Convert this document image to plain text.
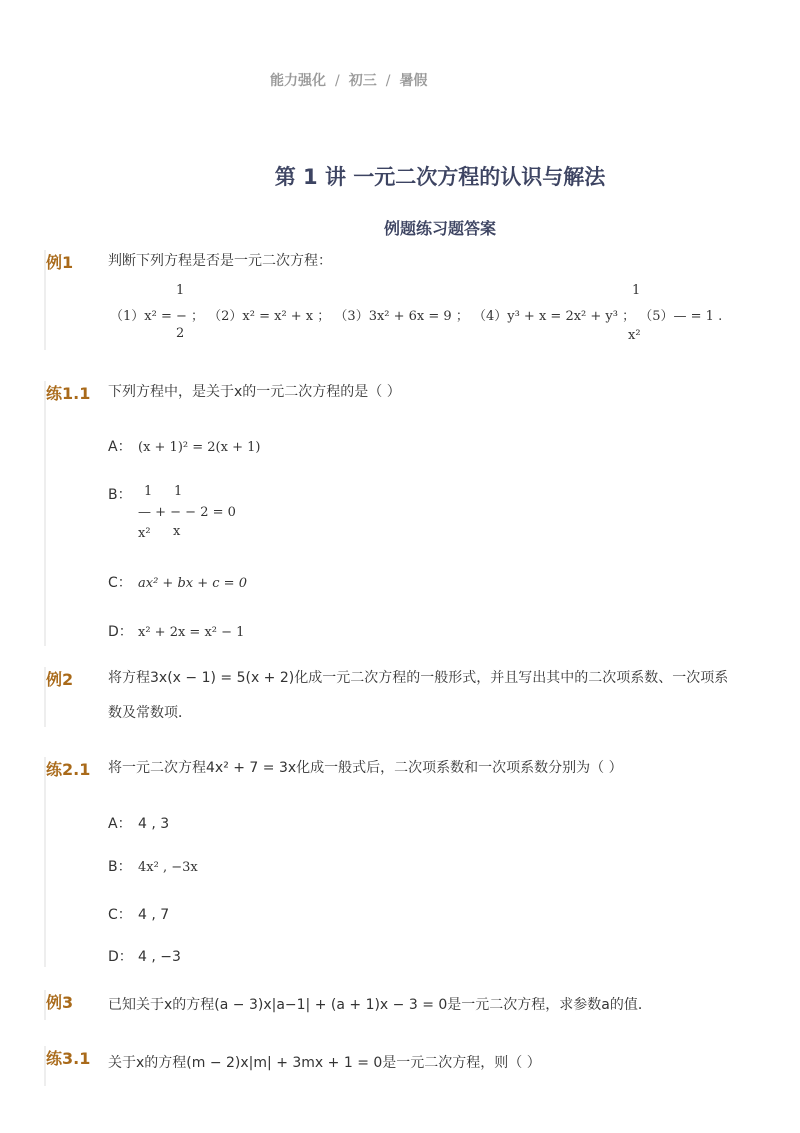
能力强化 / 初三 / 暑假
第 1 讲 一元二次方程的认识与解法
例题练习题答案
例1 判断下列方程是否是一元二次方程：
1
2
（1）x² = − ； （2）x² = x² + x ； （3）3x² + 6x = 9 ； （4）y³ + x = 2x² + y³ ； （5）— = 1 .
1
x²
练1.1 下列方程中，是关于x的一元二次方程的是（ ）
A： (x + 1)² = 2(x + 1)
B： 1 1
— + − − 2 = 0
x² x
C： ax² + bx + c = 0
D： x² + 2x = x² − 1
例2 将方程3x(x − 1) = 5(x + 2)化成一元二次方程的一般形式，并且写出其中的二次项系数、一次项系
数及常数项．
练2.1 将一元二次方程4x² + 7 = 3x化成一般式后，二次项系数和一次项系数分别为（ ）
A： 4 , 3
B： 4x² , −3x
C： 4 , 7
D： 4 , −3
例3 已知关于x的方程(a − 3)x|a−1| + (a + 1)x − 3 = 0是一元二次方程，求参数a的值．
练3.1 关于x的方程(m − 2)x|m| + 3mx + 1 = 0是一元二次方程，则（ ）
